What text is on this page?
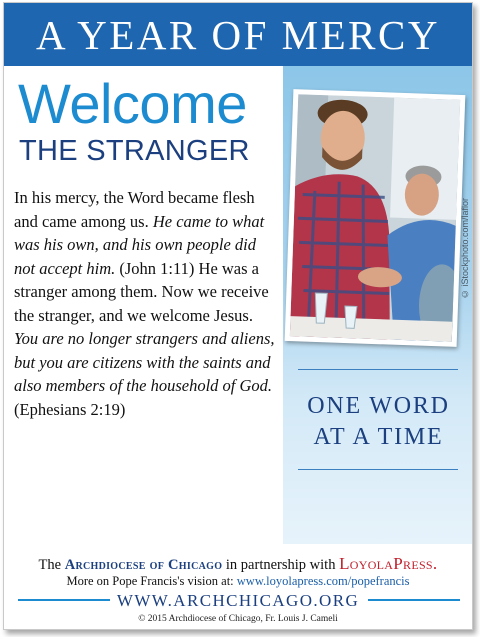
A YEAR OF MERCY
Welcome
THE STRANGER
In his mercy, the Word became flesh and came among us. He came to what was his own, and his own people did not accept him. (John 1:11) He was a stranger among them. Now we receive the stranger, and we welcome Jesus. You are no longer strangers and aliens, but you are citizens with the saints and also members of the household of God. (Ephesians 2:19)
© iStockphoto.com/laflor
ONE WORD
AT A TIME
The Archdiocese of Chicago in partnership with LoyolaPress.
More on Pope Francis's vision at: www.loyolapress.com/popefrancis
WWW.ARCHCHICAGO.ORG
© 2015 Archdiocese of Chicago, Fr. Louis J. Cameli
